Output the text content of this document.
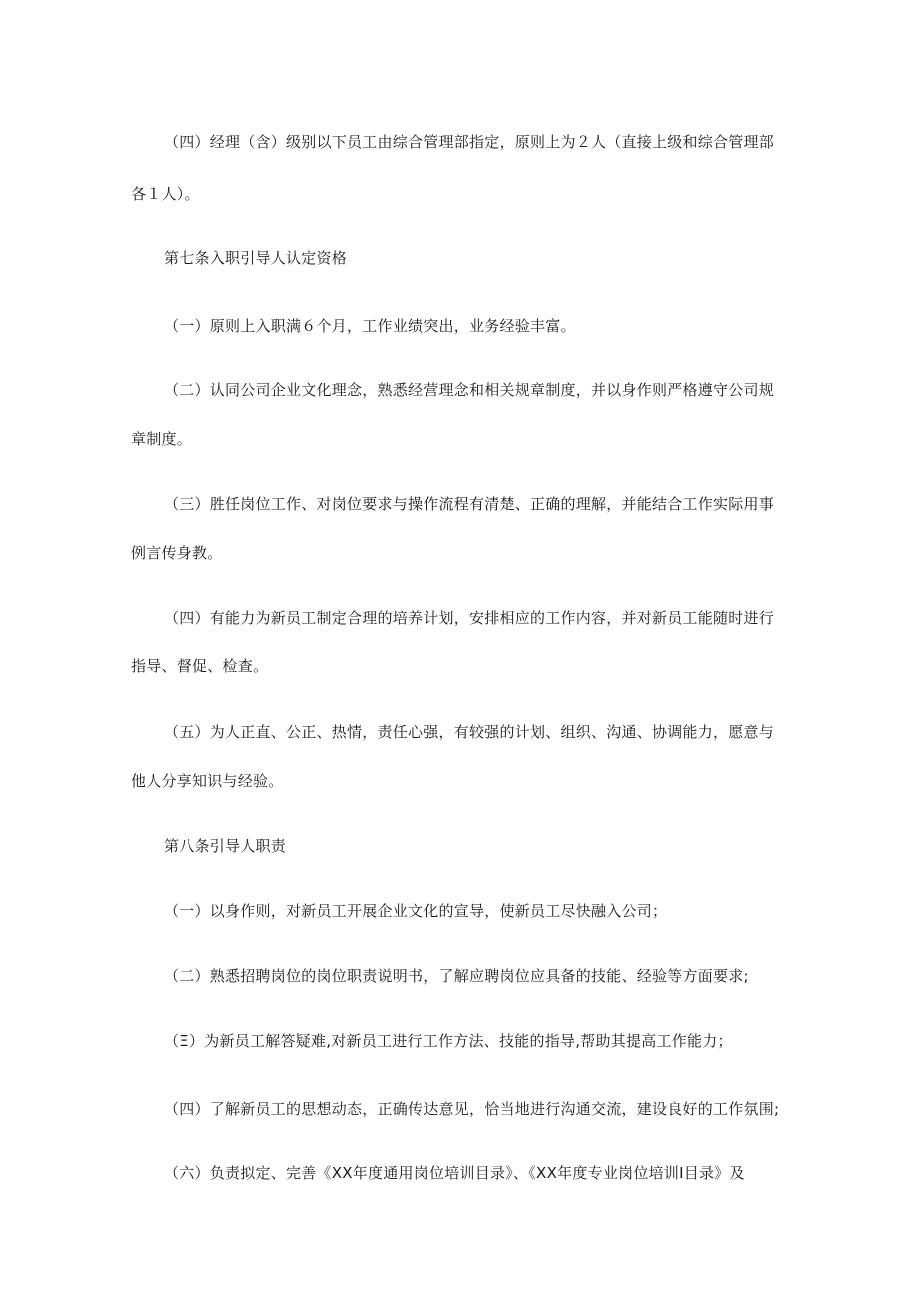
（四）经理（含）级别以下员工由综合管理部指定，原则上为２人（直接上级和综合管理部
各１人）。
第七条入职引导人认定资格
（一）原则上入职满６个月，工作业绩突出，业务经验丰富。
（二）认同公司企业文化理念，熟悉经营理念和相关规章制度，并以身作则严格遵守公司规
章制度。
（三）胜任岗位工作、对岗位要求与操作流程有清楚、正确的理解，并能结合工作实际用事
例言传身教。
（四）有能力为新员工制定合理的培养计划，安排相应的工作内容，并对新员工能随时进行
指导、督促、检查。
（五）为人正直、公正、热情，责任心强，有较强的计划、组织、沟通、协调能力，愿意与
他人分享知识与经验。
第八条引导人职责
（一）以身作则，对新员工开展企业文化的宣导，使新员工尽快融入公司；
（二）熟悉招聘岗位的岗位职责说明书，了解应聘岗位应具备的技能、经验等方面要求;
（Ξ）为新员工解答疑难,对新员工进行工作方法、技能的指导,帮助其提高工作能力；
（四）了解新员工的思想动态，正确传达意见，恰当地进行沟通交流，建设良好的工作氛围;
（六）负责拟定、完善《XX年度通用岗位培训目录》、《XX年度专业岗位培训Ⅰ目录》及
